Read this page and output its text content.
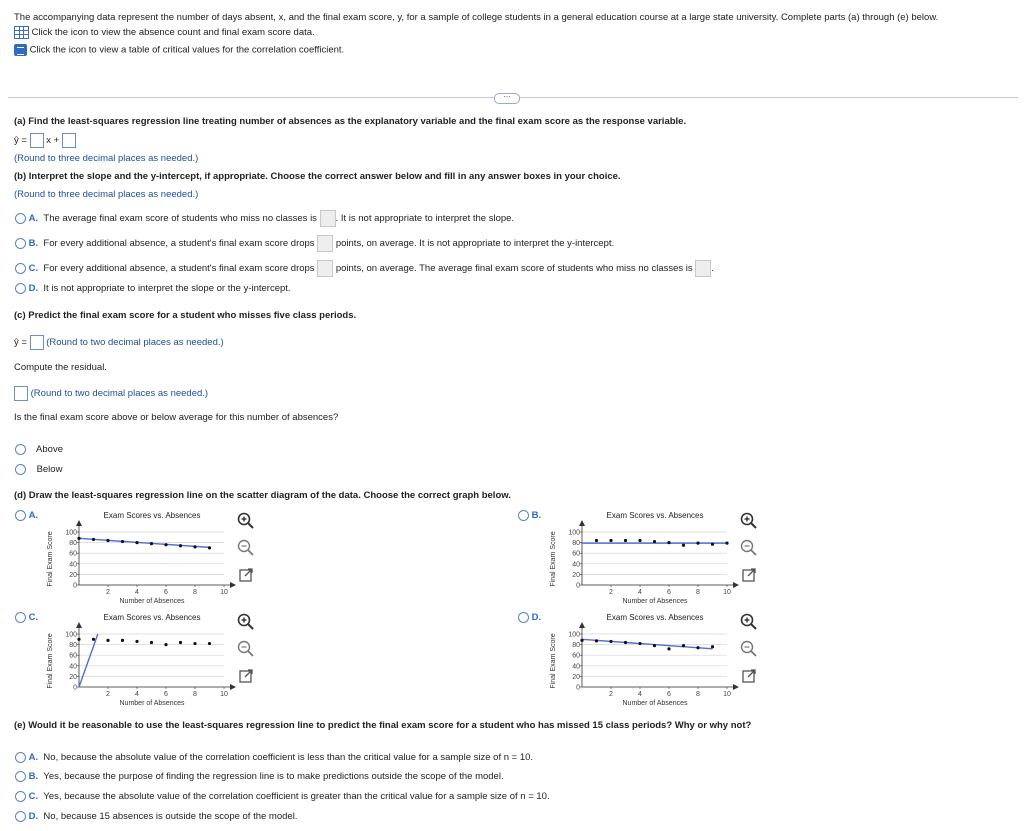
The accompanying data represent the number of days absent, x, and the final exam score, y, for a sample of college students in a general education course at a large state university. Complete parts (a) through (e) below.
Click the icon to view the absence count and final exam score data.
Click the icon to view a table of critical values for the correlation coefficient.
⋯
(a) Find the least-squares regression line treating number of absences as the explanatory variable and the final exam score as the response variable.
ŷ = x +
(Round to three decimal places as needed.)
(b) Interpret the slope and the y-intercept, if appropriate. Choose the correct answer below and fill in any answer boxes in your choice.
(Round to three decimal places as needed.)
A. The average final exam score of students who miss no classes is . It is not appropriate to interpret the slope.
B. For every additional absence, a student's final exam score drops points, on average. It is not appropriate to interpret the y-intercept.
C. For every additional absence, a student's final exam score drops points, on average. The average final exam score of students who miss no classes is .
D. It is not appropriate to interpret the slope or the y-intercept.
(c) Predict the final exam score for a student who misses five class periods.
ŷ = (Round to two decimal places as needed.)
Compute the residual.
(Round to two decimal places as needed.)
Is the final exam score above or below average for this number of absences?
Above
Below
(d) Draw the least-squares regression line on the scatter diagram of the data. Choose the correct graph below.
A.	B.
C.	D.
Exam Scores vs. Absences
0
20
40
60
80
100
2	4	6	8	10
Number of Absences
Final Exam Score
Exam Scores vs. Absences
0
20
40
60
80
100
2	4	6	8	10
Number of Absences
Final Exam Score
Exam Scores vs. Absences
0
20
40
60
80
100
2	4	6	8	10
Number of Absences
Final Exam Score
Exam Scores vs. Absences
0
20
40
60
80
100
2	4	6	8	10
Number of Absences
Final Exam Score
(e) Would it be reasonable to use the least-squares regression line to predict the final exam score for a student who has missed 15 class periods? Why or why not?
A. No, because the absolute value of the correlation coefficient is less than the critical value for a sample size of n = 10.
B. Yes, because the purpose of finding the regression line is to make predictions outside the scope of the model.
C. Yes, because the absolute value of the correlation coefficient is greater than the critical value for a sample size of n = 10.
D. No, because 15 absences is outside the scope of the model.
